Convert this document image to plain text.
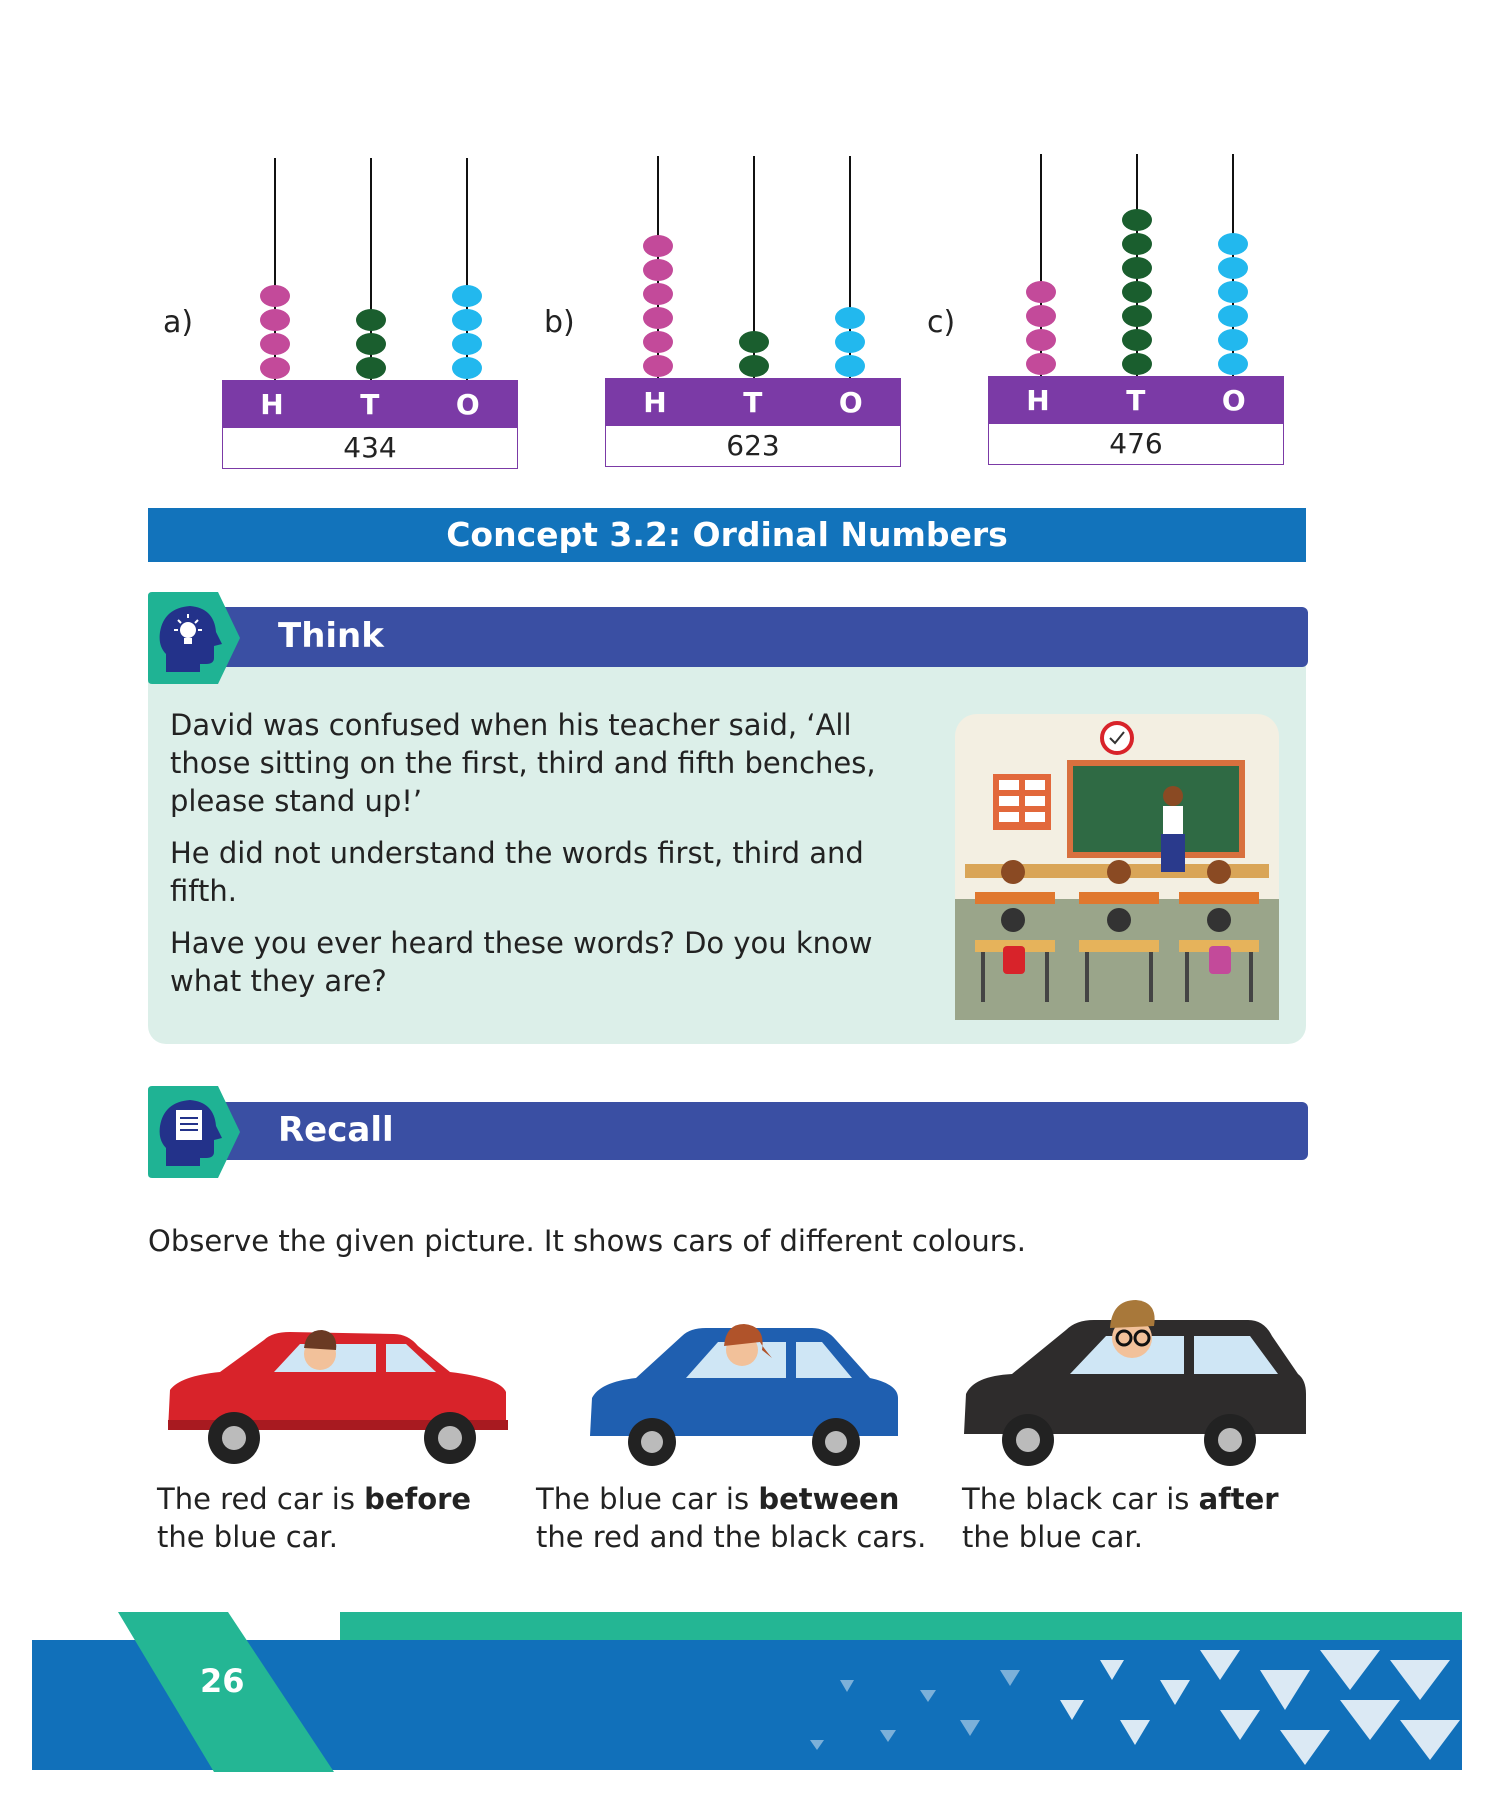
a)
H	T	O
434
b)
H	T	O
623
c)
H	T	O
476
Concept 3.2: Ordinal Numbers
Think
David was confused when his teacher said, ‘All those sitting on the first, third and fifth benches, please stand up!’
He did not understand the words first, third and fifth.
Have you ever heard these words? Do you know what they are?
Recall
Observe the given picture. It shows cars of different colours.
The red car is before the blue car.
The blue car is between the red and the black cars.
The black car is after the blue car.
26
